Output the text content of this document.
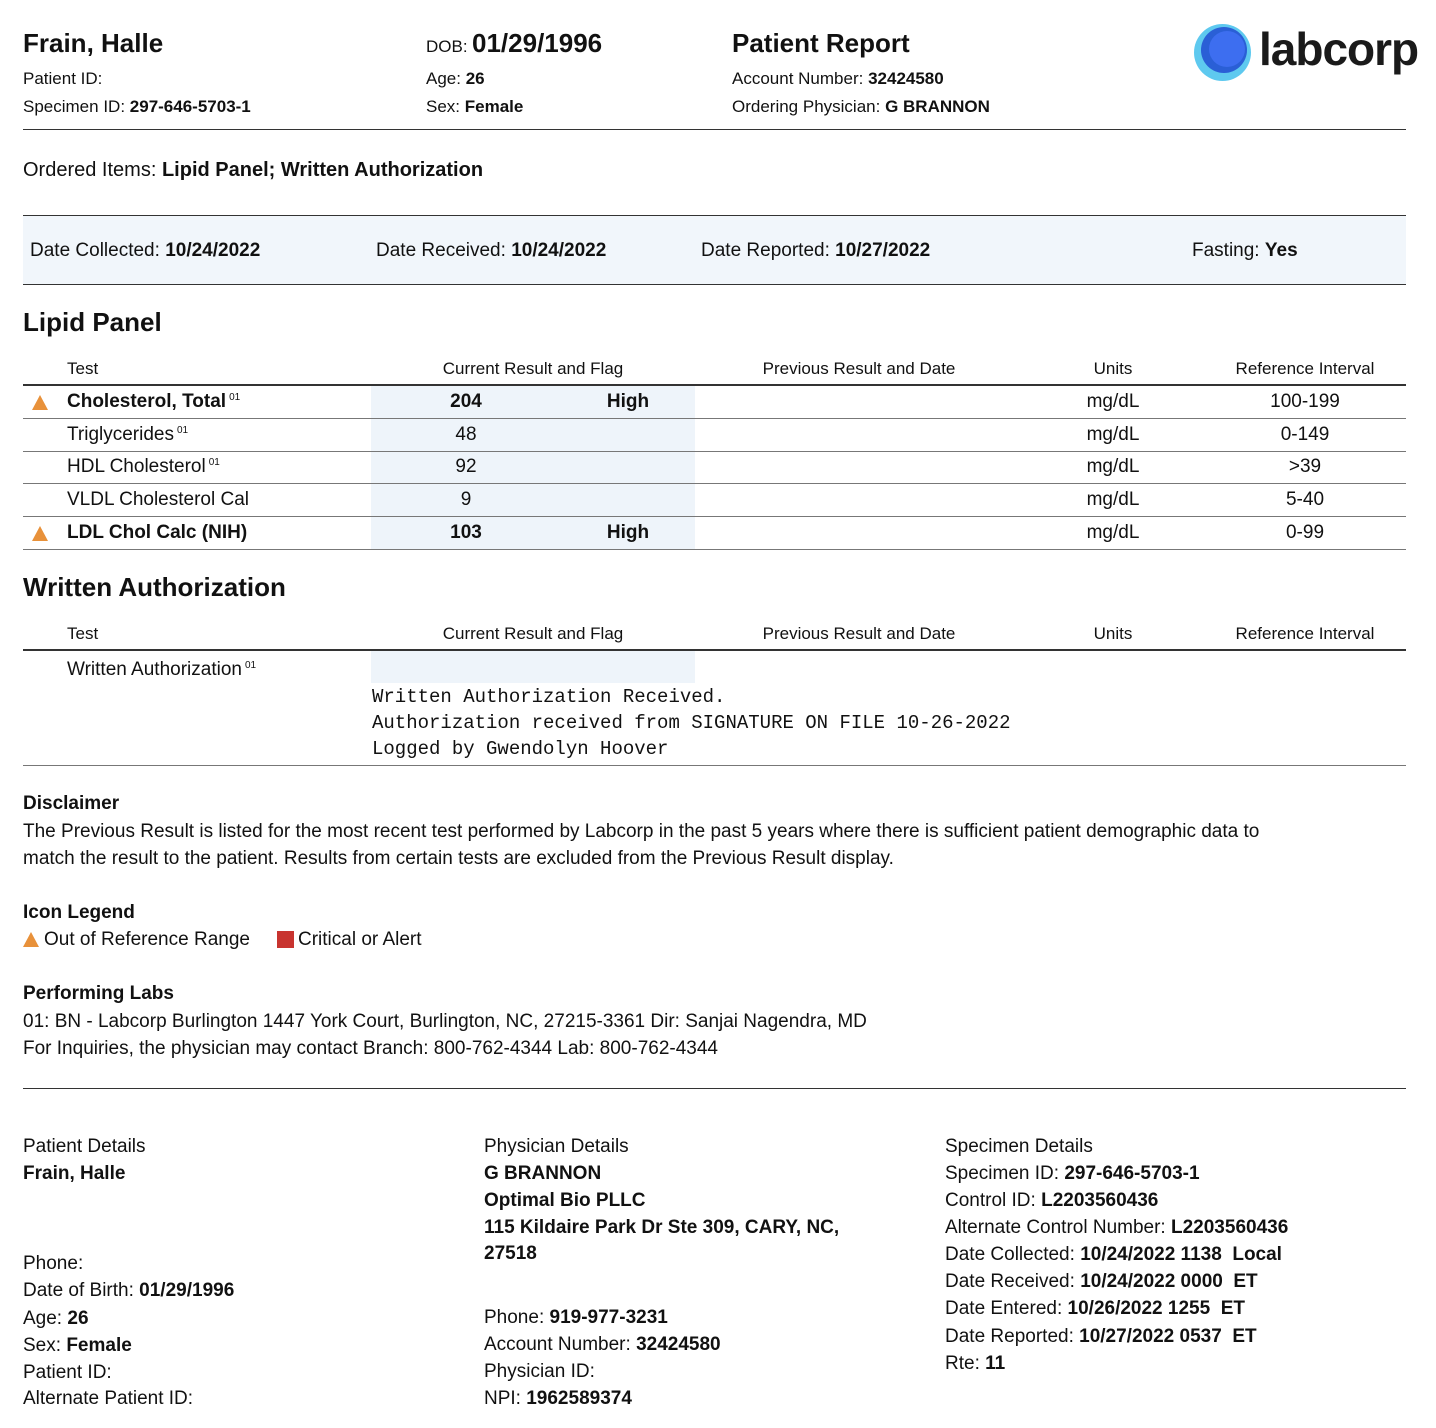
Frain, Halle
Patient ID:
Specimen ID: 297-646-5703-1
DOB: 01/29/1996
Age: 26
Sex: Female
Patient Report
Account Number: 32424580
Ordering Physician: G BRANNON
labcorp
Ordered Items: Lipid Panel; Written Authorization
Date Collected: 10/24/2022	Date Received: 10/24/2022	Date Reported: 10/27/2022	Fasting: Yes
Lipid Panel
Test	Current Result and Flag	Previous Result and Date	Units	Reference Interval
Cholesterol, Total $^{01}$	204	High	mg/dL	100-199
Triglycerides $^{01}$	48	mg/dL	0-149
HDL Cholesterol $^{01}$	92	mg/dL	>39
VLDL Cholesterol Cal	9	mg/dL	5-40
LDL Chol Calc (NIH)	103	High	mg/dL	0-99
Written Authorization
Test	Current Result and Flag	Previous Result and Date	Units	Reference Interval
Written Authorization $^{01}$
Written Authorization Received.
Authorization received from SIGNATURE ON FILE 10-26-2022
Logged by Gwendolyn Hoover
Disclaimer
The Previous Result is listed for the most recent test performed by Labcorp in the past 5 years where there is sufficient patient demographic data to
match the result to the patient. Results from certain tests are excluded from the Previous Result display.
Icon Legend
Out of Reference Range	Critical or Alert
Performing Labs
01: BN - Labcorp Burlington 1447 York Court, Burlington, NC, 27215-3361 Dir: Sanjai Nagendra, MD
For Inquiries, the physician may contact Branch: 800-762-4344 Lab: 800-762-4344
Patient Details
Frain, Halle
Phone:
Date of Birth: 01/29/1996
Age: 26
Sex: Female
Patient ID:
Alternate Patient ID:
Physician Details
G BRANNON
Optimal Bio PLLC
115 Kildaire Park Dr Ste 309, CARY, NC,
27518
Phone: 919-977-3231
Account Number: 32424580
Physician ID:
NPI: 1962589374
Specimen Details
Specimen ID: 297-646-5703-1
Control ID: L2203560436
Alternate Control Number: L2203560436
Date Collected: 10/24/2022 1138  Local
Date Received: 10/24/2022 0000  ET
Date Entered: 10/26/2022 1255  ET
Date Reported: 10/27/2022 0537  ET
Rte: 11
